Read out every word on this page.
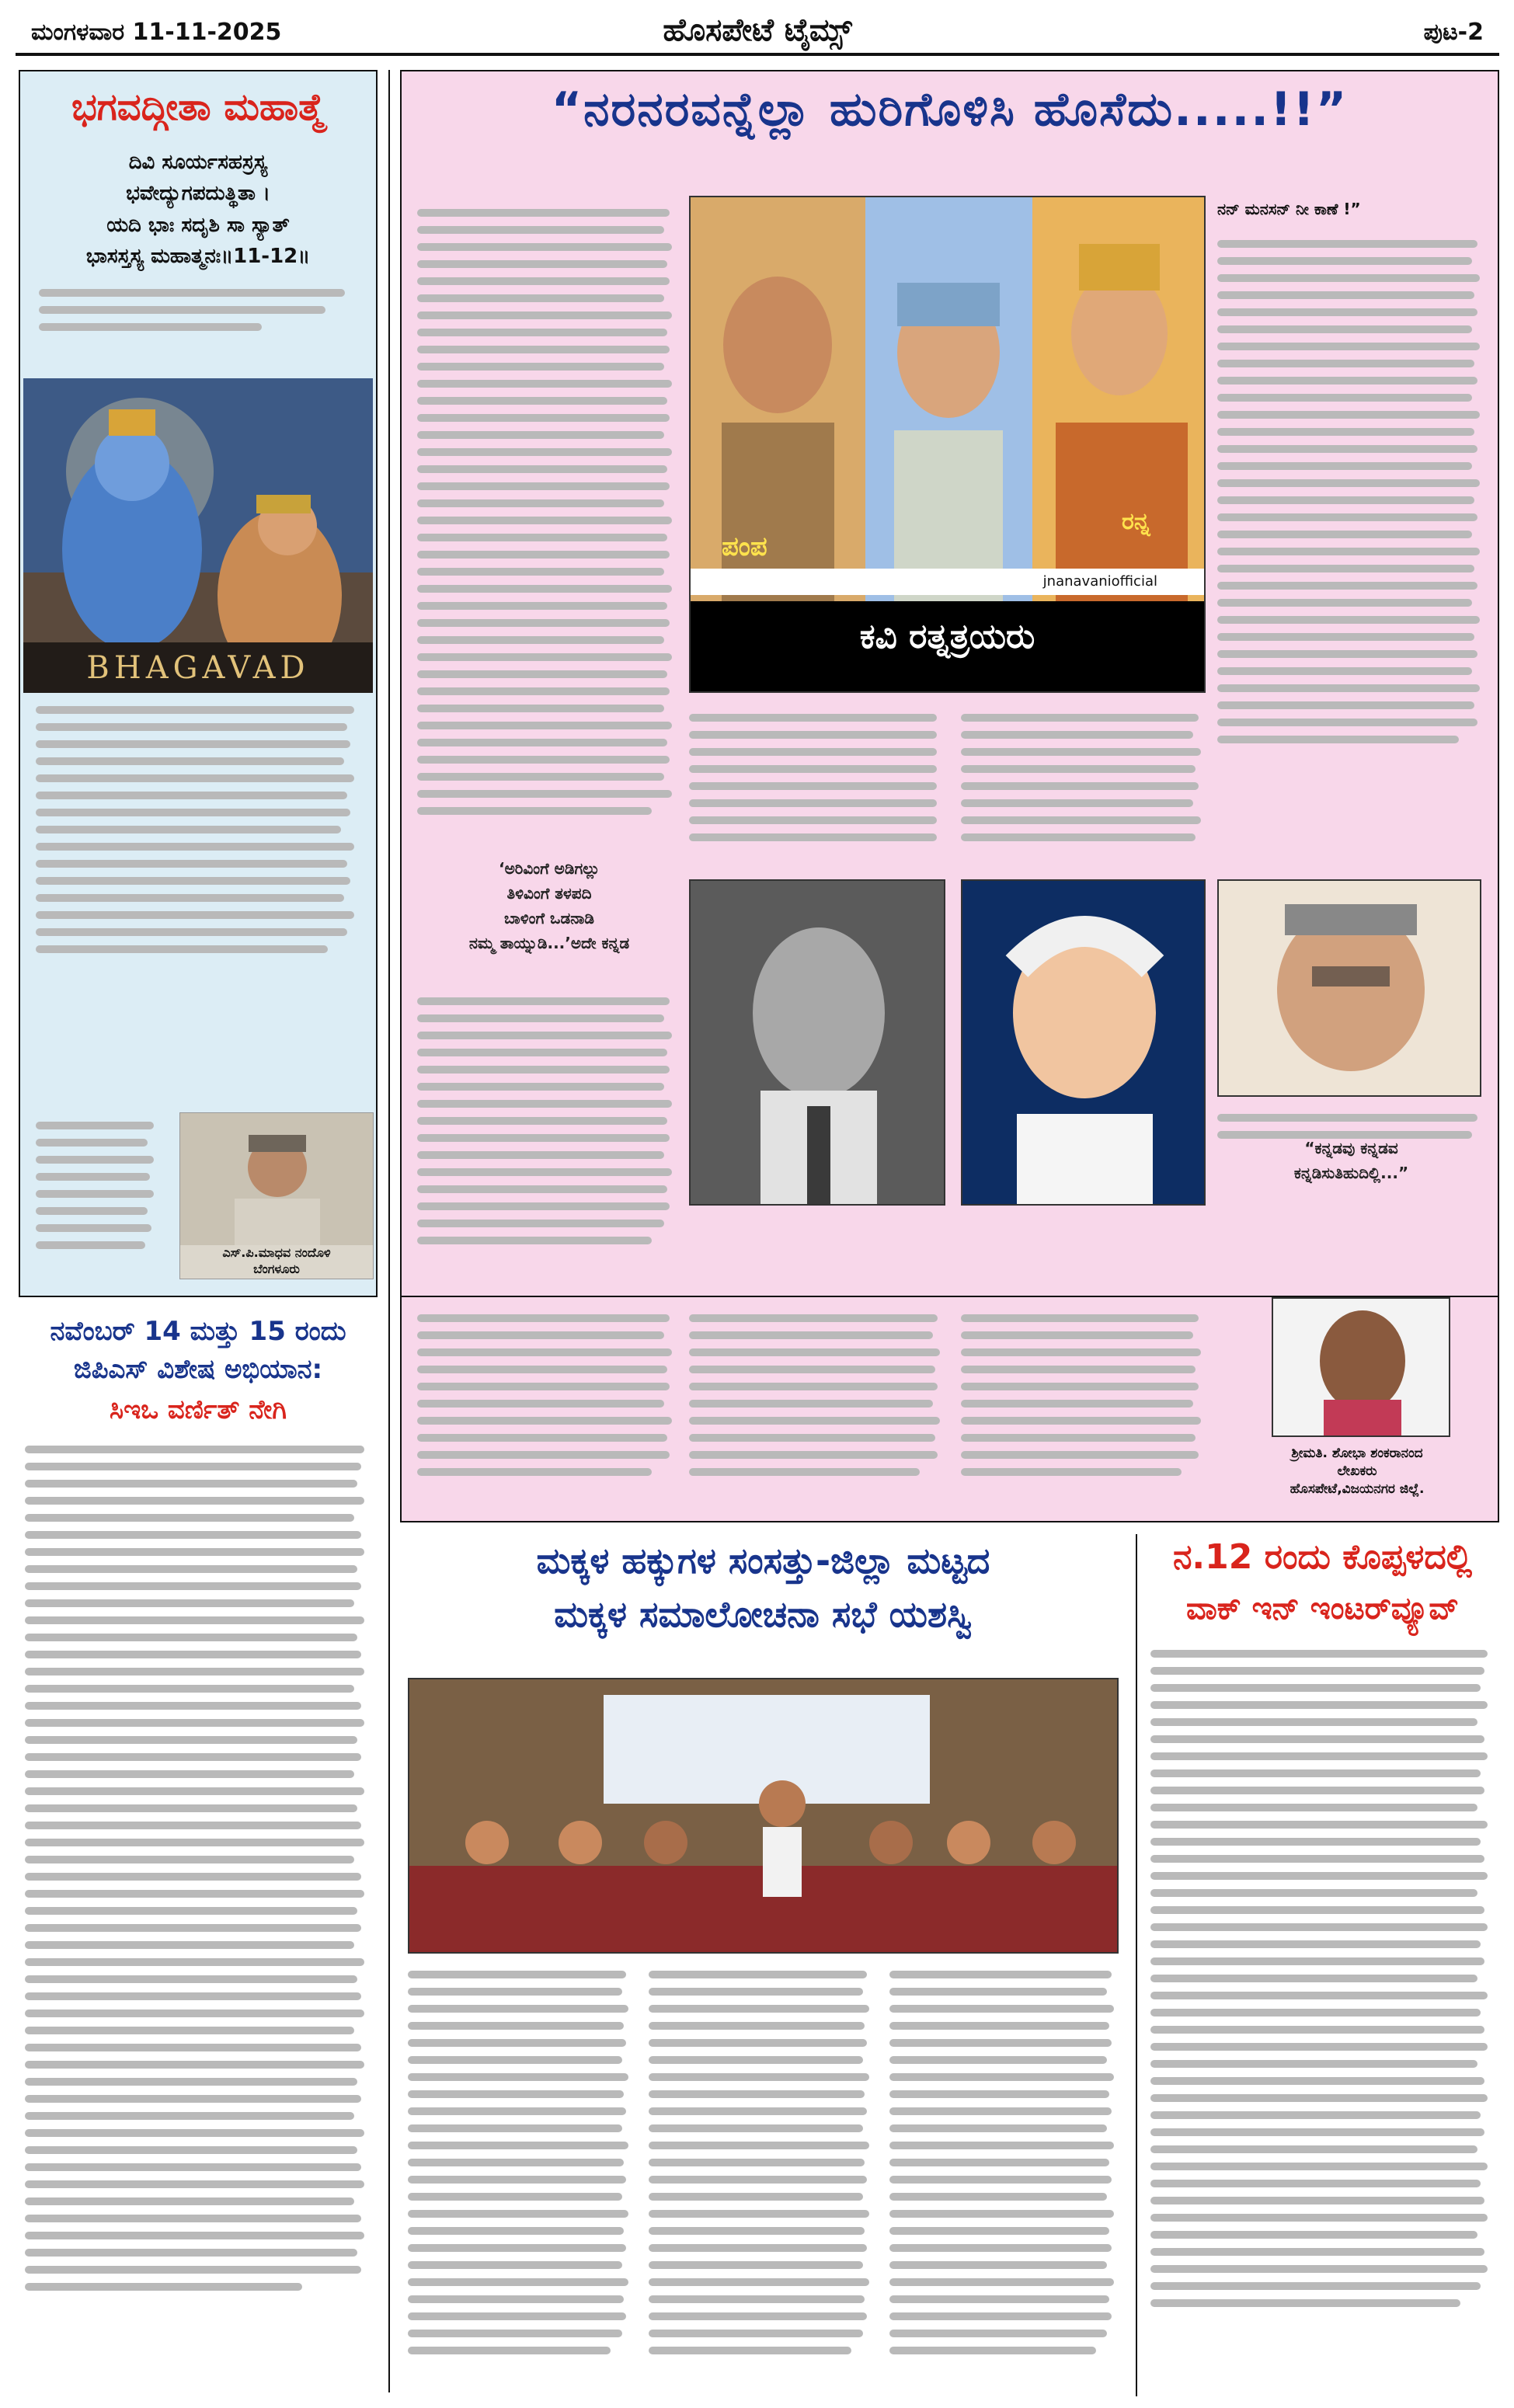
ಮಂಗಳವಾರ 11-11-2025	ಹೊಸಪೇಟೆ ಟೈಮ್ಸ್	ಪುಟ-2
ಭಗವದ್ಗೀತಾ ಮಹಾತ್ಮೆ
ದಿವಿ ಸೂರ್ಯಸಹಸ್ರಸ್ಯ
ಭವೇದ್ಯುಗಪದುತ್ಥಿತಾ ।
ಯದಿ ಭಾಃ ಸದೃಶಿ ಸಾ ಸ್ಯಾತ್
ಭಾಸಸ್ತಸ್ಯ ಮಹಾತ್ಮನಃ॥11-12॥
BHAGAVAD
ಎಸ್.ಪಿ.ಮಾಧವ ನಂದೊಳಿ
ಬೆಂಗಳೂರು
ನವೆಂಬರ್ 14 ಮತ್ತು 15 ರಂದು
ಜಿಪಿಎಸ್ ವಿಶೇಷ ಅಭಿಯಾನ:
ಸಿಇಒ ವರ್ಣಿತ್ ನೇಗಿ
“ನರನರವನ್ನೆಲ್ಲಾ ಹುರಿಗೊಳಿಸಿ ಹೊಸೆದು.....!!”
ಪಂಪ
ರನ್ನ
jnanavaniofficial
ಕವಿ ರತ್ನತ್ರಯರು
‘ಅರಿವಿಂಗೆ ಅಡಿಗಲ್ಲು
ತಿಳಿವಿಂಗೆ ತಳಪದಿ
ಬಾಳಿಂಗೆ ಒಡನಾಡಿ
ನಮ್ಮ ತಾಯ್ನುಡಿ...’ಅದೇ ಕನ್ನಡ
ನನ್ ಮನಸನ್ ನೀ ಕಾಣೆ !”
“ಕನ್ನಡವು ಕನ್ನಡವ
ಕನ್ನಡಿಸುತಿಹುದಿಲ್ಲಿ...”
ಶ್ರೀಮತಿ. ಶೋಭಾ ಶಂಕರಾನಂದ
ಲೇಖಕರು
ಹೊಸಪೇಟೆ,ವಿಜಯನಗರ ಜಿಲ್ಲೆ.
ಮಕ್ಕಳ ಹಕ್ಕುಗಳ ಸಂಸತ್ತು-ಜಿಲ್ಲಾ ಮಟ್ಟದ
ಮಕ್ಕಳ ಸಮಾಲೋಚನಾ ಸಭೆ ಯಶಸ್ವಿ
ನ.12 ರಂದು ಕೊಪ್ಪಳದಲ್ಲಿ
ವಾಕ್ ಇನ್ ಇಂಟರ್‌ವ್ಯೂವ್
